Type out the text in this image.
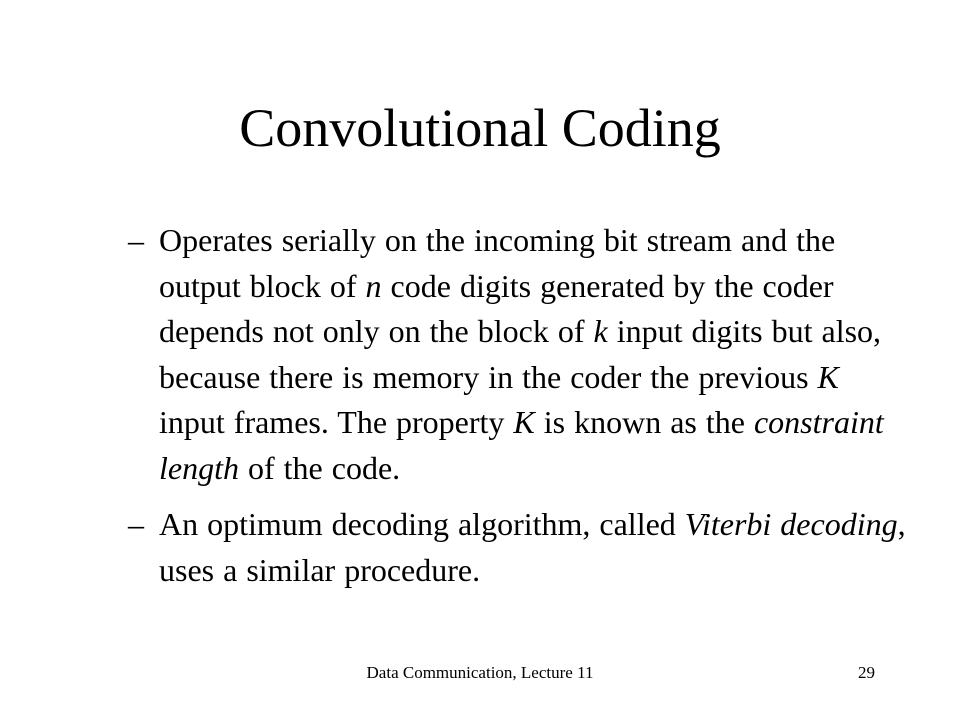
Convolutional Coding
– Operates serially on the incoming bit stream and the output block of n code digits generated by the coder depends not only on the block of k input digits but also, because there is memory in the coder the previous K input frames. The property K is known as the constraint length of the code.
– An optimum decoding algorithm, called Viterbi decoding, uses a similar procedure.
Data Communication, Lecture 11	29
